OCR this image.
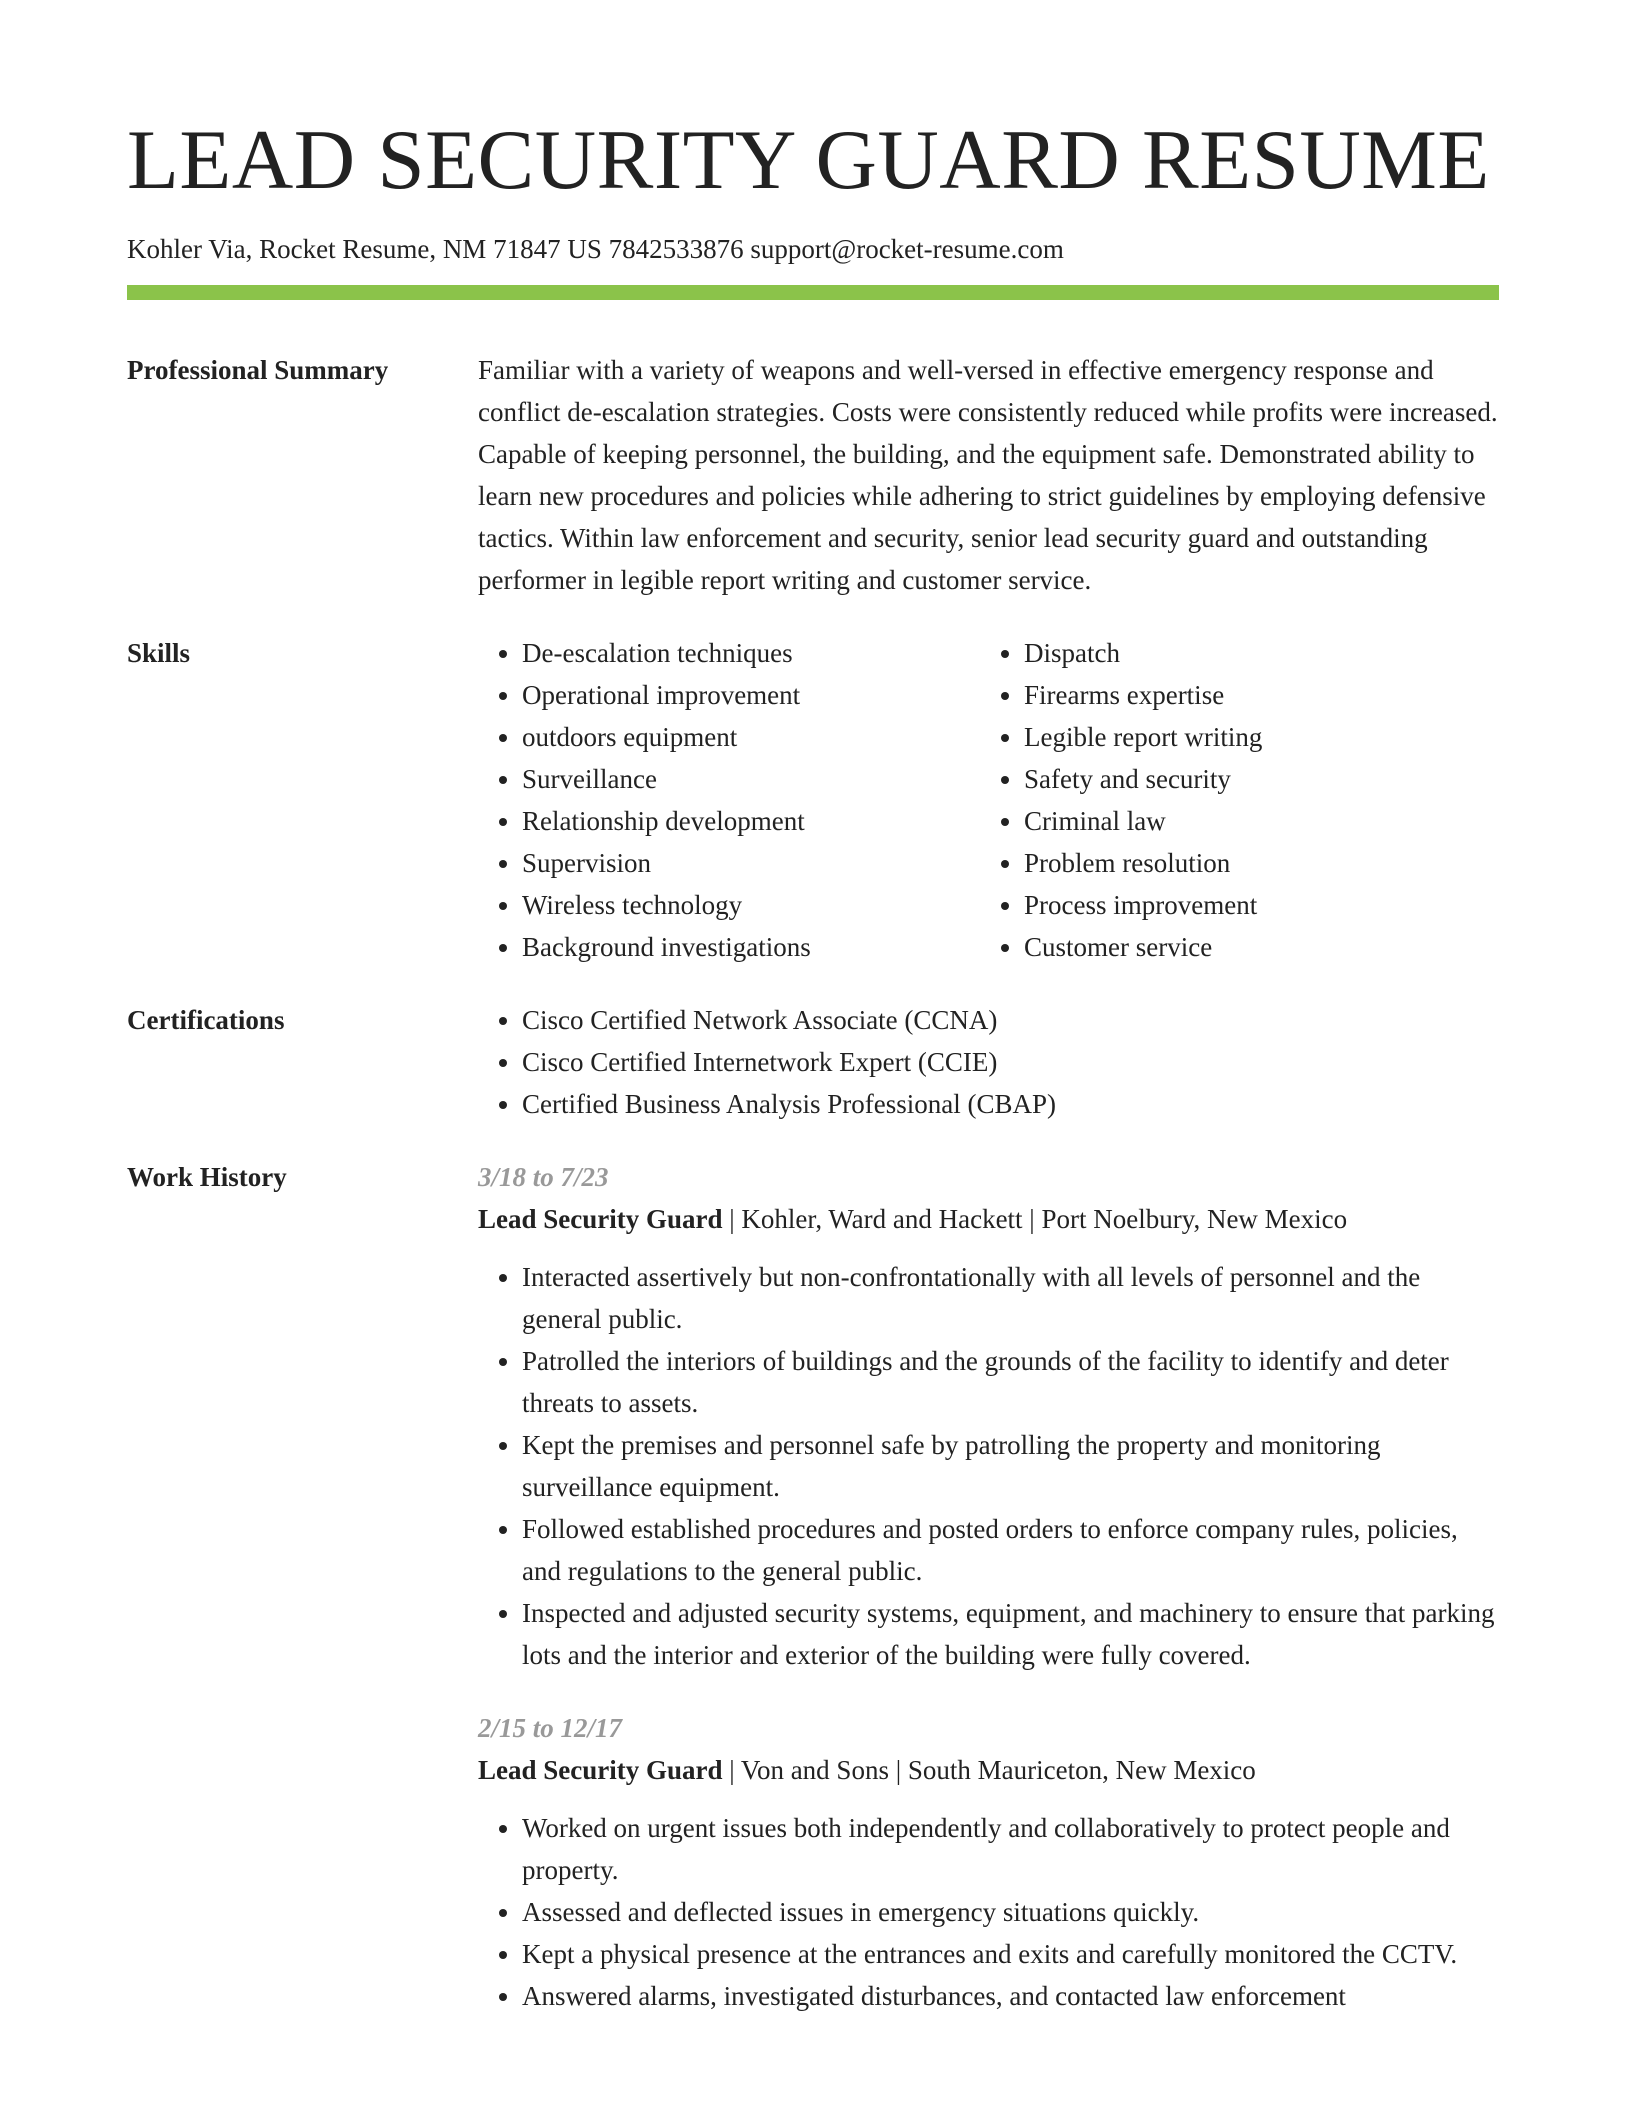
LEAD SECURITY GUARD RESUME
Kohler Via, Rocket Resume, NM 71847 US 7842533876 support@rocket-resume.com
Professional Summary	Familiar with a variety of weapons and well-versed in effective emergency response and conflict de-escalation strategies. Costs were consistently reduced while profits were increased. Capable of keeping personnel, the building, and the equipment safe. Demonstrated ability to learn new procedures and policies while adhering to strict guidelines by employing defensive tactics. Within law enforcement and security, senior lead security guard and outstanding performer in legible report writing and customer service.

Skills	• De-escalation techniques
• Operational improvement
• outdoors equipment
• Surveillance
• Relationship development
• Supervision
• Wireless technology
• Background investigations
• Dispatch
• Firearms expertise
• Legible report writing
• Safety and security
• Criminal law
• Problem resolution
• Process improvement
• Customer service
Certifications	• Cisco Certified Network Associate (CCNA)
• Cisco Certified Internetwork Expert (CCIE)
• Certified Business Analysis Professional (CBAP)
Work History	3/18 to 7/23
Lead Security Guard | Kohler, Ward and Hackett | Port Noelbury, New Mexico
• Interacted assertively but non-confrontationally with all levels of personnel and the general public.
• Patrolled the interiors of buildings and the grounds of the facility to identify and deter threats to assets.
• Kept the premises and personnel safe by patrolling the property and monitoring surveillance equipment.
• Followed established procedures and posted orders to enforce company rules, policies, and regulations to the general public.
• Inspected and adjusted security systems, equipment, and machinery to ensure that parking lots and the interior and exterior of the building were fully covered.
2/15 to 12/17
Lead Security Guard | Von and Sons | South Mauriceton, New Mexico
• Worked on urgent issues both independently and collaboratively to protect people and property.
• Assessed and deflected issues in emergency situations quickly.
• Kept a physical presence at the entrances and exits and carefully monitored the CCTV.
• Answered alarms, investigated disturbances, and contacted law enforcement
